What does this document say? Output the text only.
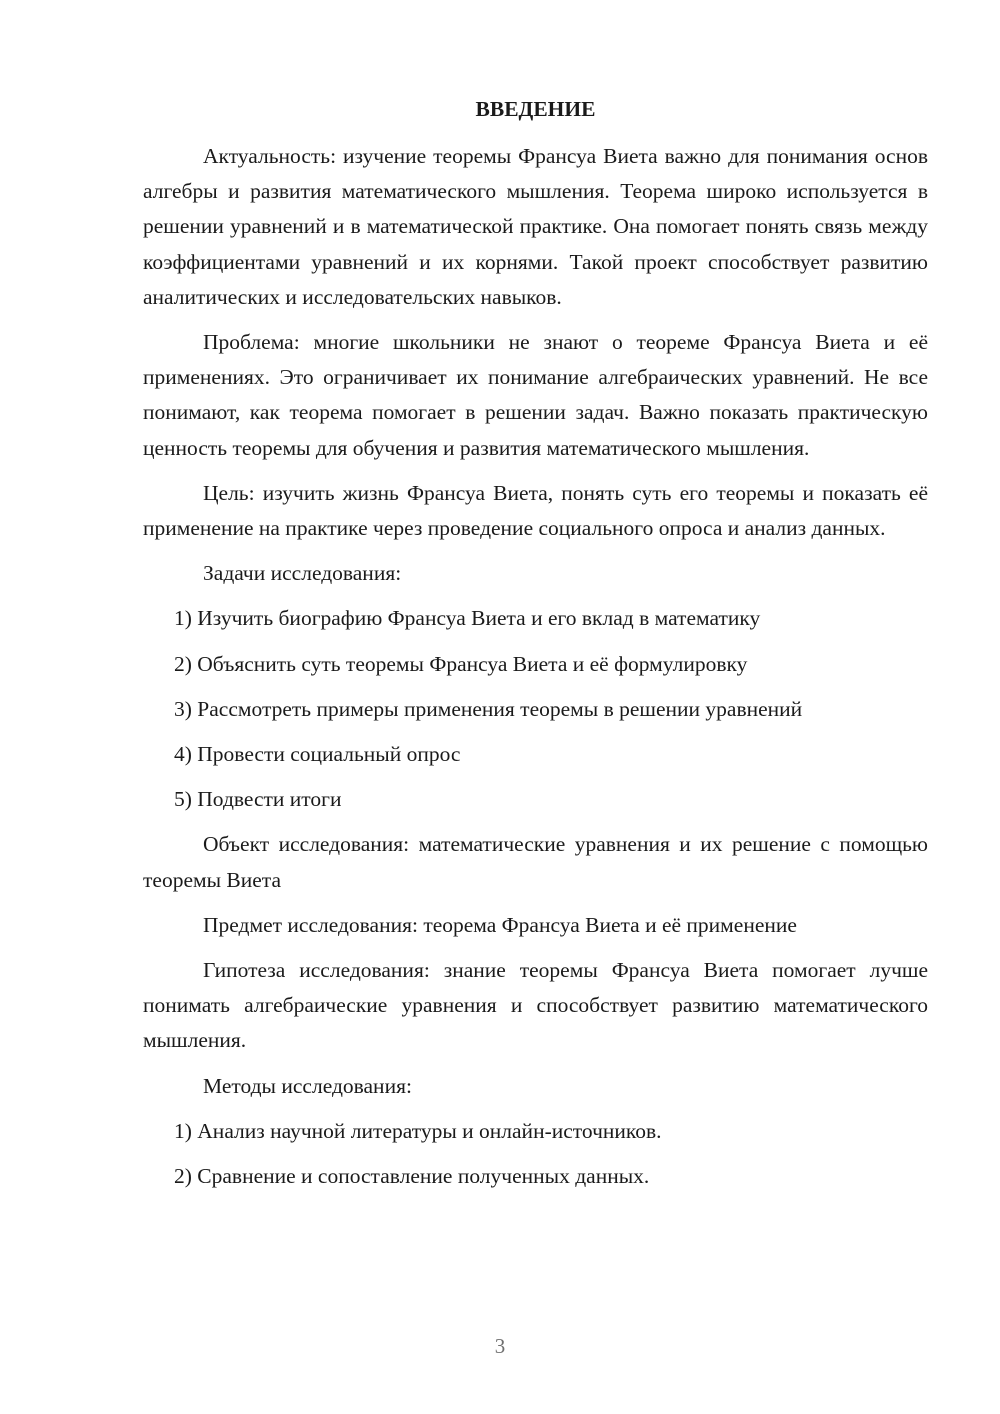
ВВЕДЕНИЕ

Актуальность: изучение теоремы Франсуа Виета важно для понимания основ алгебры и развития математического мышления. Теорема широко используется в решении уравнений и в математической практике. Она помогает понять связь между коэффициентами уравнений и их корнями. Такой проект способствует развитию аналитических и исследовательских навыков.

Проблема: многие школьники не знают о теореме Франсуа Виета и её применениях. Это ограничивает их понимание алгебраических уравнений. Не все понимают, как теорема помогает в решении задач. Важно показать практическую ценность теоремы для обучения и развития математического мышления.

Цель: изучить жизнь Франсуа Виета, понять суть его теоремы и показать её применение на практике через проведение социального опроса и анализ данных.

Задачи исследования:

1) Изучить биографию Франсуа Виета и его вклад в математику
2) Объяснить суть теоремы Франсуа Виета и её формулировку
3) Рассмотреть примеры применения теоремы в решении уравнений
4) Провести социальный опрос
5) Подвести итоги

Объект исследования: математические уравнения и их решение с помощью теоремы Виета

Предмет исследования: теорема Франсуа Виета и её применение

Гипотеза исследования: знание теоремы Франсуа Виета помогает лучше понимать алгебраические уравнения и способствует развитию математического мышления.

Методы исследования:

1) Анализ научной литературы и онлайн-источников.
2) Сравнение и сопоставление полученных данных.
3
